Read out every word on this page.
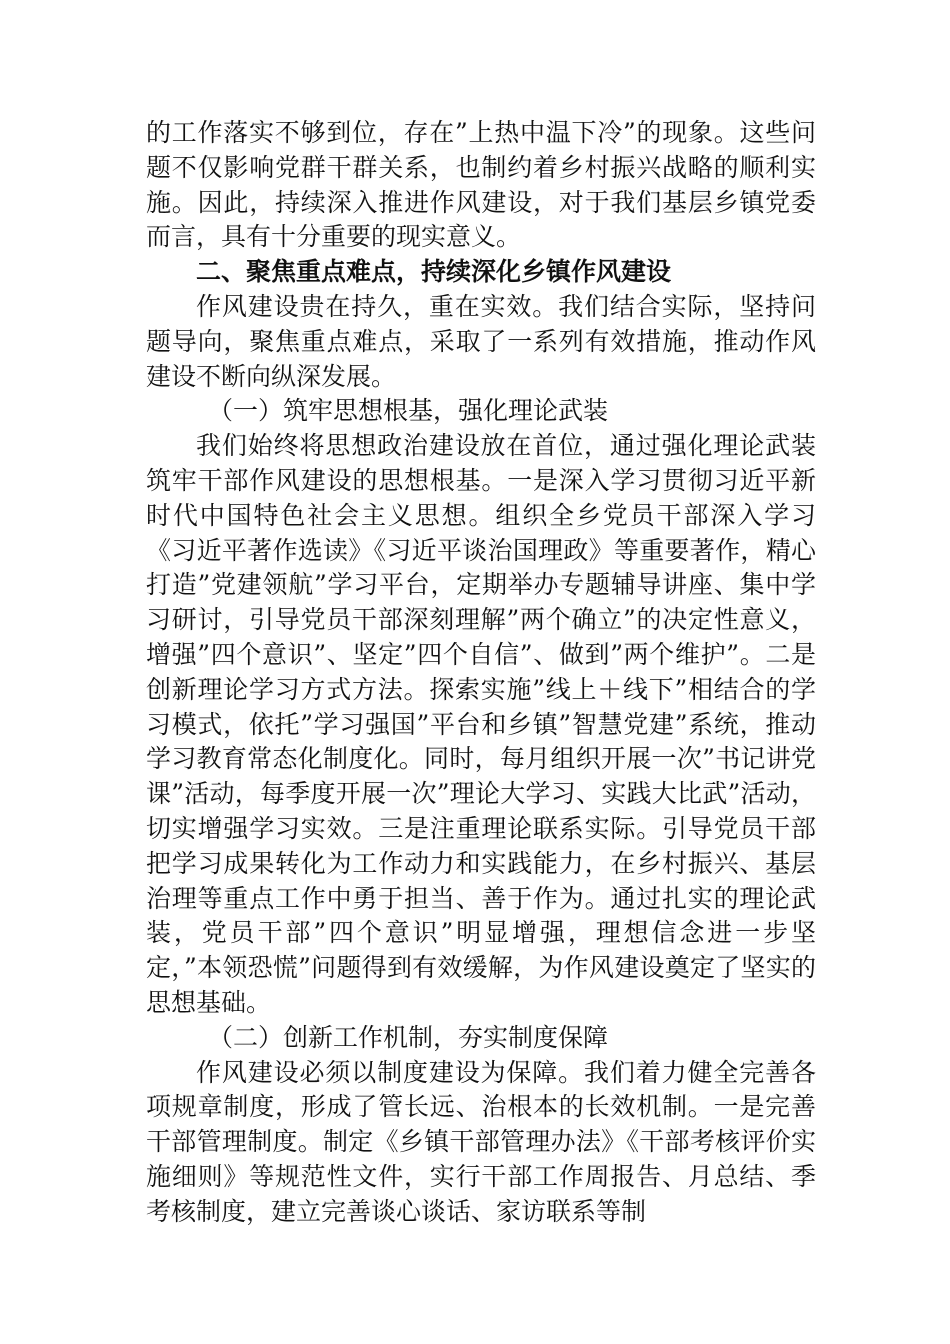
的工作落实不够到位，存在”上热中温下冷”的现象。这些问题不仅影响党群干群关系，也制约着乡村振兴战略的顺利实施。因此，持续深入推进作风建设，对于我们基层乡镇党委而言，具有十分重要的现实意义。

二、聚焦重点难点，持续深化乡镇作风建设

作风建设贵在持久，重在实效。我们结合实际，坚持问题导向，聚焦重点难点，采取了一系列有效措施，推动作风建设不断向纵深发展。

（一）筑牢思想根基，强化理论武装

我们始终将思想政治建设放在首位，通过强化理论武装筑牢干部作风建设的思想根基。一是深入学习贯彻习近平新时代中国特色社会主义思想。组织全乡党员干部深入学习《习近平著作选读》《习近平谈治国理政》等重要著作，精心打造”党建领航”学习平台，定期举办专题辅导讲座、集中学习研讨，引导党员干部深刻理解”两个确立”的决定性意义，增强”四个意识”、坚定”四个自信”、做到”两个维护”。二是创新理论学习方式方法。探索实施”线上＋线下”相结合的学习模式，依托”学习强国”平台和乡镇”智慧党建”系统，推动学习教育常态化制度化。同时，每月组织开展一次”书记讲党课”活动，每季度开展一次”理论大学习、实践大比武”活动，切实增强学习实效。三是注重理论联系实际。引导党员干部把学习成果转化为工作动力和实践能力，在乡村振兴、基层治理等重点工作中勇于担当、善于作为。通过扎实的理论武装，党员干部”四个意识”明显增强，理想信念进一步坚定，”本领恐慌”问题得到有效缓解，为作风建设奠定了坚实的思想基础。

（二）创新工作机制，夯实制度保障

作风建设必须以制度建设为保障。我们着力健全完善各项规章制度，形成了管长远、治根本的长效机制。一是完善干部管理制度。制定《乡镇干部管理办法》《干部考核评价实施细则》等规范性文件，实行干部工作周报告、月总结、季考核制度，建立完善谈心谈话、家访联系等制
